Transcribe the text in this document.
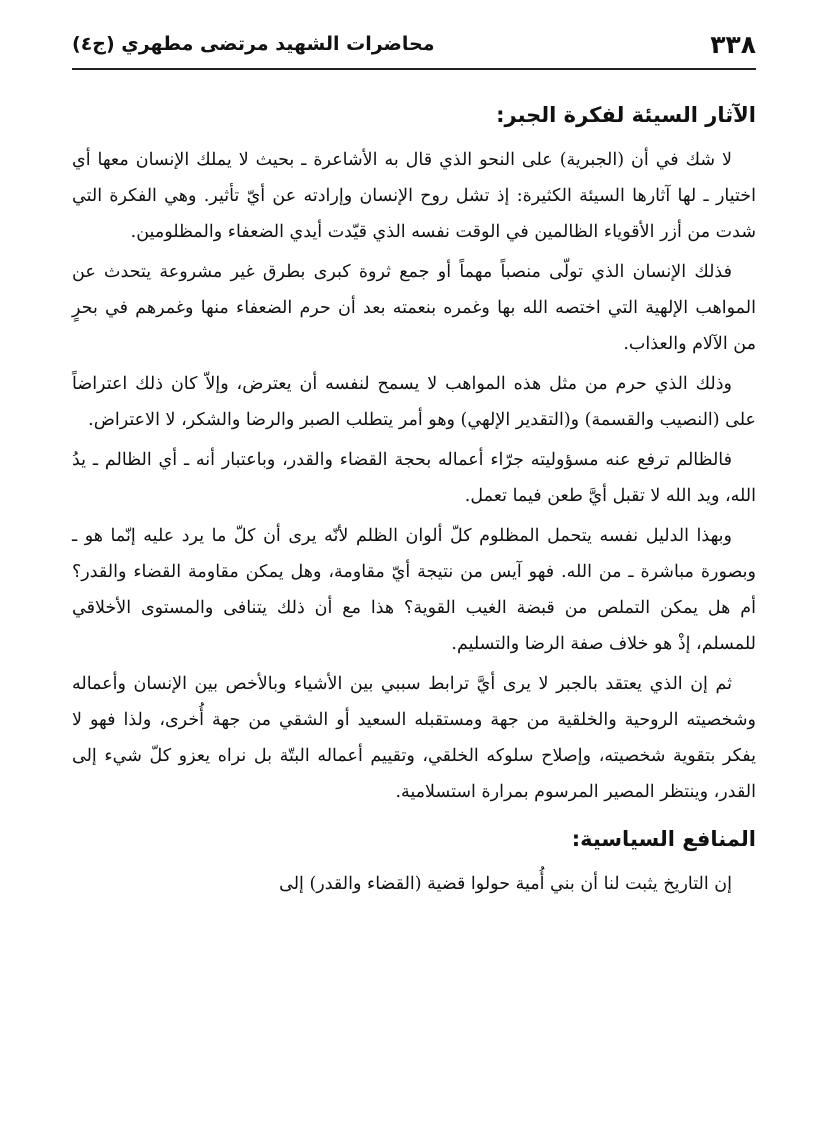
٣٣٨
محاضرات الشهيد مرتضى مطهري (ج٤)
الآثار السيئة لفكرة الجبر:

لا شك في أن (الجبرية) على النحو الذي قال به الأشاعرة ـ بحيث لا يملك الإنسان معها أي اختيار ـ لها آثارها السيئة الكثيرة: إذ تشل روح الإنسان وإرادته عن أيّ تأثير. وهي الفكرة التي شدت من أزر الأقوياء الظالمين في الوقت نفسه الذي قيّدت أيدي الضعفاء والمظلومين.

فذلك الإنسان الذي تولّى منصباً مهماً أو جمع ثروة كبرى بطرق غير مشروعة يتحدث عن المواهب الإلهية التي اختصه الله بها وغمره بنعمته بعد أن حرم الضعفاء منها وغمرهم في بحرٍ من الآلام والعذاب.

وذلك الذي حرم من مثل هذه المواهب لا يسمح لنفسه أن يعترض، وإلاّ كان ذلك اعتراضاً على (النصيب والقسمة) و(التقدير الإلهي) وهو أمر يتطلب الصبر والرضا والشكر، لا الاعتراض.

فالظالم ترفع عنه مسؤوليته جرّاء أعماله بحجة القضاء والقدر، وباعتبار أنه ـ أي الظالم ـ يدُ الله، ويد الله لا تقبل أيَّ طعن فيما تعمل.

وبهذا الدليل نفسه يتحمل المظلوم كلّ ألوان الظلم لأنّه يرى أن كلّ ما يرد عليه إنّما هو ـ وبصورة مباشرة ـ من الله. فهو آيس من نتيجة أيّ مقاومة، وهل يمكن مقاومة القضاء والقدر؟ أم هل يمكن التملص من قبضة الغيب القوية؟ هذا مع أن ذلك يتنافى والمستوى الأخلاقي للمسلم، إذْ هو خلاف صفة الرضا والتسليم.

ثم إن الذي يعتقد بالجبر لا يرى أيَّ ترابط سببي بين الأشياء وبالأخص بين الإنسان وأعماله وشخصيته الروحية والخلقية من جهة ومستقبله السعيد أو الشقي من جهة أُخرى، ولذا فهو لا يفكر بتقوية شخصيته، وإصلاح سلوكه الخلقي، وتقييم أعماله البتّة بل نراه يعزو كلّ شيء إلى القدر، وينتظر المصير المرسوم بمرارة استسلامية.

المنافع السياسية:

إن التاريخ يثبت لنا أن بني أُمية حولوا قضية (القضاء والقدر) إلى
